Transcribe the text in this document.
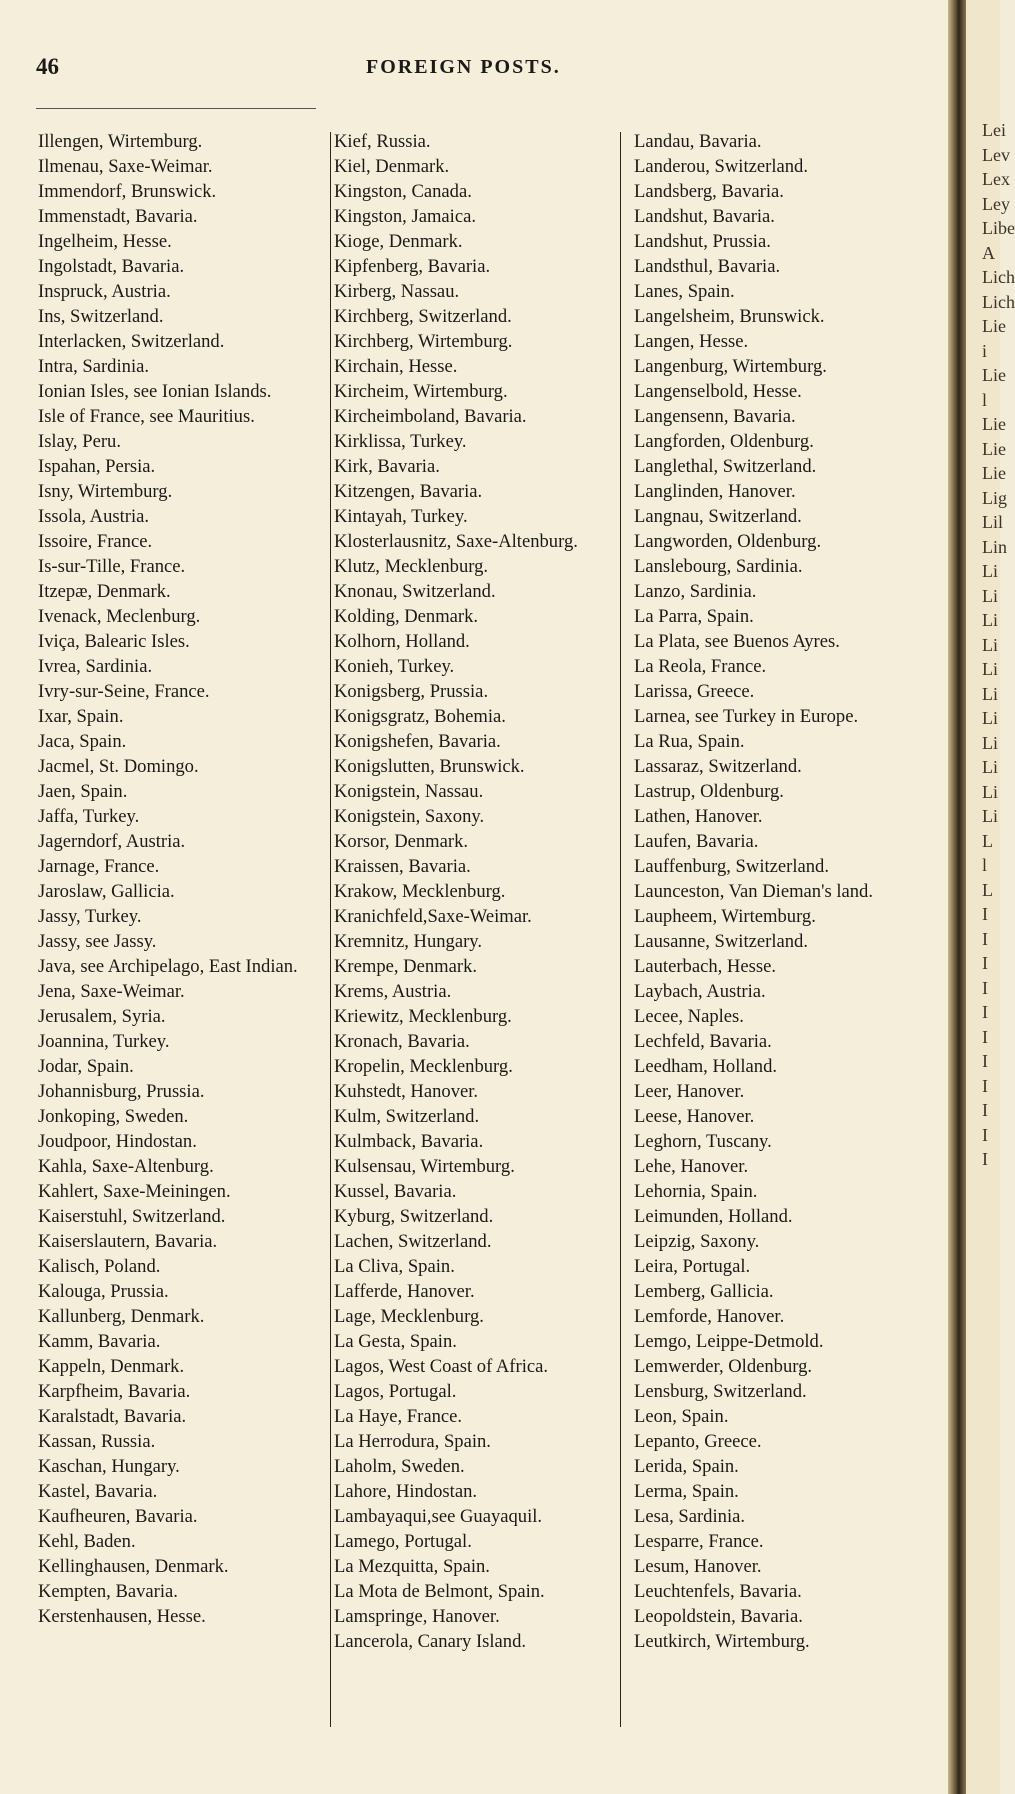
46	FOREIGN POSTS.
Illengen, Wirtemburg.
Ilmenau, Saxe-Weimar.
Immendorf, Brunswick.
Immenstadt, Bavaria.
Ingelheim, Hesse.
Ingolstadt, Bavaria.
Inspruck, Austria.
Ins, Switzerland.
Interlacken, Switzerland.
Intra, Sardinia.
Ionian Isles, see Ionian Islands.
Isle of France, see Mauritius.
Islay, Peru.
Ispahan, Persia.
Isny, Wirtemburg.
Issola, Austria.
Issoire, France.
Is-sur-Tille, France.
Itzepæ, Denmark.
Ivenack, Meclenburg.
Iviça, Balearic Isles.
Ivrea, Sardinia.
Ivry-sur-Seine, France.
Ixar, Spain.
Jaca, Spain.
Jacmel, St. Domingo.
Jaen, Spain.
Jaffa, Turkey.
Jagerndorf, Austria.
Jarnage, France.
Jaroslaw, Gallicia.
Jassy, Turkey.
Jassy, see Jassy.
Java, see Archipelago, East Indian.
Jena, Saxe-Weimar.
Jerusalem, Syria.
Joannina, Turkey.
Jodar, Spain.
Johannisburg, Prussia.
Jonkoping, Sweden.
Joudpoor, Hindostan.
Kahla, Saxe-Altenburg.
Kahlert, Saxe-Meiningen.
Kaiserstuhl, Switzerland.
Kaiserslautern, Bavaria.
Kalisch, Poland.
Kalouga, Prussia.
Kallunberg, Denmark.
Kamm, Bavaria.
Kappeln, Denmark.
Karpfheim, Bavaria.
Karalstadt, Bavaria.
Kassan, Russia.
Kaschan, Hungary.
Kastel, Bavaria.
Kaufheuren, Bavaria.
Kehl, Baden.
Kellinghausen, Denmark.
Kempten, Bavaria.
Kerstenhausen, Hesse.
Kief, Russia.
Kiel, Denmark.
Kingston, Canada.
Kingston, Jamaica.
Kioge, Denmark.
Kipfenberg, Bavaria.
Kirberg, Nassau.
Kirchberg, Switzerland.
Kirchberg, Wirtemburg.
Kirchain, Hesse.
Kircheim, Wirtemburg.
Kircheimboland, Bavaria.
Kirklissa, Turkey.
Kirk, Bavaria.
Kitzengen, Bavaria.
Kintayah, Turkey.
Klosterlausnitz, Saxe-Altenburg.
Klutz, Mecklenburg.
Knonau, Switzerland.
Kolding, Denmark.
Kolhorn, Holland.
Konieh, Turkey.
Konigsberg, Prussia.
Konigsgratz, Bohemia.
Konigshefen, Bavaria.
Konigslutten, Brunswick.
Konigstein, Nassau.
Konigstein, Saxony.
Korsor, Denmark.
Kraissen, Bavaria.
Krakow, Mecklenburg.
Kranichfeld,Saxe-Weimar.
Kremnitz, Hungary.
Krempe, Denmark.
Krems, Austria.
Kriewitz, Mecklenburg.
Kronach, Bavaria.
Kropelin, Mecklenburg.
Kuhstedt, Hanover.
Kulm, Switzerland.
Kulmback, Bavaria.
Kulsensau, Wirtemburg.
Kussel, Bavaria.
Kyburg, Switzerland.
Lachen, Switzerland.
La Cliva, Spain.
Lafferde, Hanover.
Lage, Mecklenburg.
La Gesta, Spain.
Lagos, West Coast of Africa.
Lagos, Portugal.
La Haye, France.
La Herrodura, Spain.
Laholm, Sweden.
Lahore, Hindostan.
Lambayaqui,see Guayaquil.
Lamego, Portugal.
La Mezquitta, Spain.
La Mota de Belmont, Spain.
Lamspringe, Hanover.
Lancerola, Canary Island.
Landau, Bavaria.
Landerou, Switzerland.
Landsberg, Bavaria.
Landshut, Bavaria.
Landshut, Prussia.
Landsthul, Bavaria.
Lanes, Spain.
Langelsheim, Brunswick.
Langen, Hesse.
Langenburg, Wirtemburg.
Langenselbold, Hesse.
Langensenn, Bavaria.
Langforden, Oldenburg.
Langlethal, Switzerland.
Langlinden, Hanover.
Langnau, Switzerland.
Langworden, Oldenburg.
Lanslebourg, Sardinia.
Lanzo, Sardinia.
La Parra, Spain.
La Plata, see Buenos Ayres.
La Reola, France.
Larissa, Greece.
Larnea, see Turkey in Europe.
La Rua, Spain.
Lassaraz, Switzerland.
Lastrup, Oldenburg.
Lathen, Hanover.
Laufen, Bavaria.
Lauffenburg, Switzerland.
Launceston, Van Dieman's land.
Laupheem, Wirtemburg.
Lausanne, Switzerland.
Lauterbach, Hesse.
Laybach, Austria.
Lecee, Naples.
Lechfeld, Bavaria.
Leedham, Holland.
Leer, Hanover.
Leese, Hanover.
Leghorn, Tuscany.
Lehe, Hanover.
Lehornia, Spain.
Leimunden, Holland.
Leipzig, Saxony.
Leira, Portugal.
Lemberg, Gallicia.
Lemforde, Hanover.
Lemgo, Leippe-Detmold.
Lemwerder, Oldenburg.
Lensburg, Switzerland.
Leon, Spain.
Lepanto, Greece.
Lerida, Spain.
Lerma, Spain.
Lesa, Sardinia.
Lesparre, France.
Lesum, Hanover.
Leuchtenfels, Bavaria.
Leopoldstein, Bavaria.
Leutkirch, Wirtemburg.
Lei
Lev
Lex
Ley
Libe
A
Lich
Lich
Lie
i
Lie
l
Lie
Lie
Lie
Lig
Lil
Lin
Li
Li
Li
Li
Li
Li
Li
Li
Li
Li
Li
L
l
L
I
I
I
I
I
I
I
I
I
I
I
